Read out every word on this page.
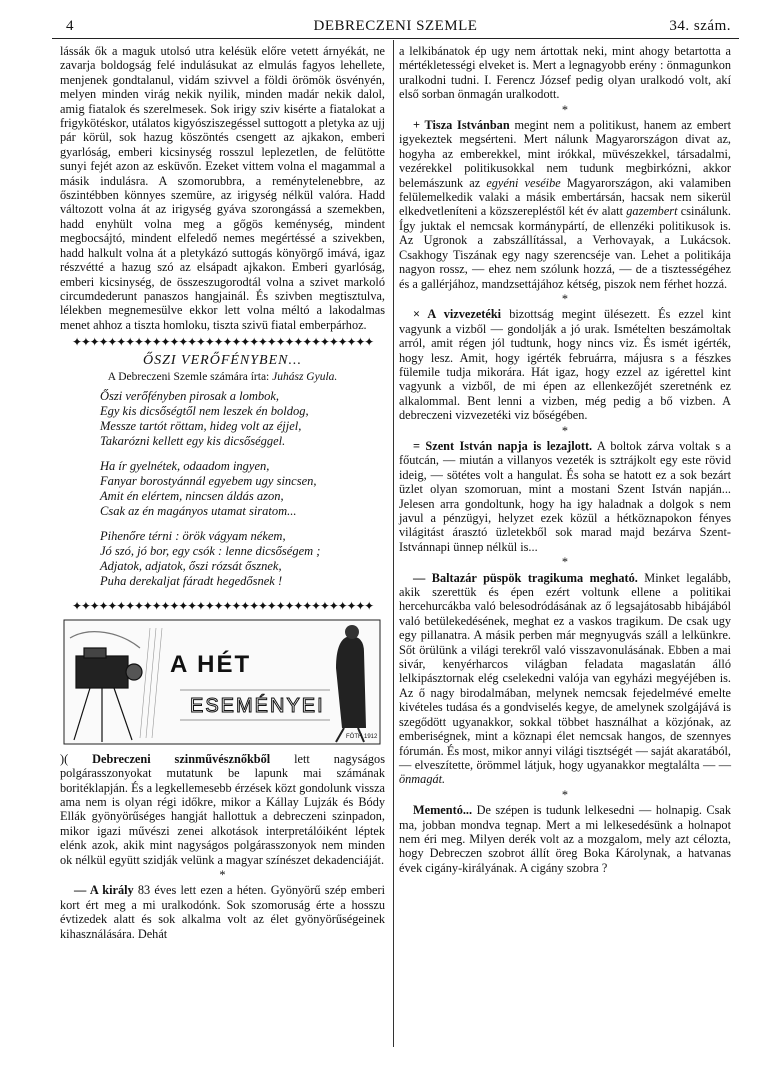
4	DEBRECZENI SZEMLE	34. szám.

lássák ők a maguk utolsó utra kelésük előre vetett árnyékát, ne zavarja boldogság felé indulásukat az elmulás fagyos lehellete, menjenek gondtalanul, vidám szivvel a földi örömök ösvényén, melyen minden virág nekik nyilik, minden madár nekik dalol, amig fiatalok és szerelmesek. Sok irigy sziv kisérte a fiatalokat a frigykötéskor, utálatos kigyósziszegéssel suttogott a pletyka az ujj pár körül, sok hazug köszöntés csengett az ajkakon, emberi gyarlóság, emberi kicsinység rosszul leplezetlen, de felütötte sunyi fejét azon az esküvőn. Ezeket vittem volna el magammal a másik indulásra. A szomorubbra, a reménytelenebbre, az őszintébben könnyes szemüre, az irigység nélkül valóra. Hadd változott volna át az irigység gyáva szorongássá a szemekben, hadd enyhült volna meg a gőgös keménység, mindent megbocsájtó, mindent elfeledő nemes megértéssé a szivekben, hadd halkult volna át a pletykázó suttogás könyörgő imává, igaz részvétté a hazug szó az elsápadt ajkakon. Emberi gyarlóság, emberi kicsinység, de összeszugorodtál volna a szivet markoló circumdederunt panaszos hangjainál. És szivben megtisztulva, lélekben megnemesülve ekkor lett volna méltó a lakodalmas menet ahhoz a tiszta homloku, tiszta szivü fiatal emberpárhoz.

✦✦✦✦✦✦✦✦✦✦✦✦✦✦✦✦✦✦✦✦✦✦✦✦✦✦✦✦✦✦✦✦✦✦
ŐSZI VERŐFÉNYBEN...
A Debreczeni Szemle számára írta: Juhász Gyula.
Őszi verőfényben pirosak a lombok,
Egy kis dicsőségtől nem leszek én boldog,
Messze tartót röttam, hideg volt az éjjel,
Takarózni kellett egy kis dicsőséggel.
Ha ír gyelnétek, odaadom ingyen,
Fanyar borostyánnál egyebem ugy sincsen,
Amit én elértem, nincsen áldás azon,
Csak az én magányos utamat siratom...
Pihenőre térni : örök vágyam nékem,
Jó szó, jó bor, egy csók : lenne dicsőségem ;
Adjatok, adjatok, őszi rózsát ősznek,
Puha derekaljat fáradt hegedősnek !
✦✦✦✦✦✦✦✦✦✦✦✦✦✦✦✦✦✦✦✦✦✦✦✦✦✦✦✦✦✦✦✦✦✦
A HÉT
ESEMÉNYEI
FÖTH 1912

)( Debreczeni szinművésznőkből lett nagyságos polgárasszonyokat mutatunk be lapunk mai számának boritéklapján. És a legkellemesebb érzések közt gondolunk vissza ama nem is olyan régi időkre, mikor a Kállay Lujzák és Bódy Ellák gyönyörűséges hangját hallottuk a debreczeni szinpadon, mikor igazi művészi zenei alkotások interpretálóiként léptek elénk azok, akik mint nagyságos polgárasszonyok nem minden ok nélkül együtt szidják velünk a magyar színészet dekadenciáját.

*

— A király 83 éves lett ezen a héten. Gyönyörű szép emberi kort ért meg a mi uralkodónk. Sok szomoruság érte a hosszu évtizedek alatt és sok alkalma volt az élet gyönyörűségeinek kihasználására. Dehát

a lelkibánatok ép ugy nem ártottak neki, mint ahogy betartotta a mértékletességi elveket is. Mert a legnagyobb erény : önmagunkon uralkodni tudni. I. Ferencz József pedig olyan uralkodó volt, akí első sorban önmagán uralkodott.

*

+ Tisza Istvánban megint nem a politikust, hanem az embert igyekeztek megsérteni. Mert nálunk Magyarországon divat az, hogyha az emberekkel, mint irókkal, müvészekkel, társadalmi, vezérekkel politikusokkal nem tudunk megbirkózni, akkor belemászunk az egyéni veséibe Magyarországon, aki valamiben felülemelkedik valaki a másik embertársán, hacsak nem sikerül elkedvetleníteni a közszerepléstől két év alatt gazembert csinálunk. Így juktak el nemcsak kormánypártí, de ellenzéki politikusok is. Az Ugronok a zabszállítással, a Verhovayak, a Lukácsok. Csakhogy Tiszának egy nagy szerencséje van. Lehet a politikája nagyon rossz, — ehez nem szólunk hozzá, — de a tisztességéhez és a gallérjához, mandzsettájához kétség, piszok nem férhet hozzá.

*

× A vizvezetéki bizottság megint ülésezett. És ezzel kint vagyunk a vizből — gondolják a jó urak. Ismételten beszámoltak arról, amit régen jól tudtunk, hogy nincs viz. És ismét igérték, hogy lesz. Amit, hogy igérték februárra, májusra s a fészkes fülemile tudja mikorára. Hát igaz, hogy ezzel az igérettel kint vagyunk a vizből, de mi épen az ellenkezőjét szeretnénk ez alkalommal. Bent lenni a vizben, még pedig a bő vizben. A debreczeni vizvezetéki viz bőségében.

*

= Szent István napja is lezajlott. A boltok zárva voltak s a főutcán, — miután a villanyos vezeték is sztrájkolt egy este rövid ideig, — sötétes volt a hangulat. És soha se hatott ez a sok bezárt üzlet olyan szomoruan, mint a mostani Szent István napján... Jelesen arra gondoltunk, hogy ha igy haladnak a dolgok s nem javul a pénzügyi, helyzet ezek közül a hétköznapokon fényes világitást árasztó üzletekből sok marad majd bezárva Szent-Istvánnapi ünnep nélkül is...

*

— Baltazár püspök tragikuma megható. Minket legalább, akik szerettük és épen ezért voltunk ellene a politikai hercehurcákba való belesodródásának az ő legsajátosabb hibájából való betülekedésének, meghat ez a vaskos tragikum. De csak ugy egy pillanatra. A másik perben már megnyugvás száll a lelkünkre. Sőt örülünk a világi terekről való visszavonulásának. Ebben a mai sivár, kenyérharcos világban feladata magaslatán álló lelkipásztornak elég cselekedni valója van egyházi megyéjében is. Az ő nagy birodalmában, melynek nemcsak fejedelmévé emelte kivételes tudása és a gondviselés kegye, de amelynek szolgájává is szegődött ugyanakkor, sokkal többet használhat a közjónak, az emberiségnek, mint a köznapi élet nemcsak hangos, de szennyes fórumán. És most, mikor annyi világi tisztségét — saját akaratából, — elveszítette, örömmel látjuk, hogy ugyanakkor megtalálta — — önmagát.

*

Mementó... De szépen is tudunk lelkesedni — holnapig. Csak ma, jobban mondva tegnap. Mert a mi lelkesedésünk a holnapot nem éri meg. Milyen derék volt az a mozgalom, mely azt célozta, hogy Debreczen szobrot állít öreg Boka Károlynak, a hatvanas évek cigány-királyának. A cigány szobra ?
